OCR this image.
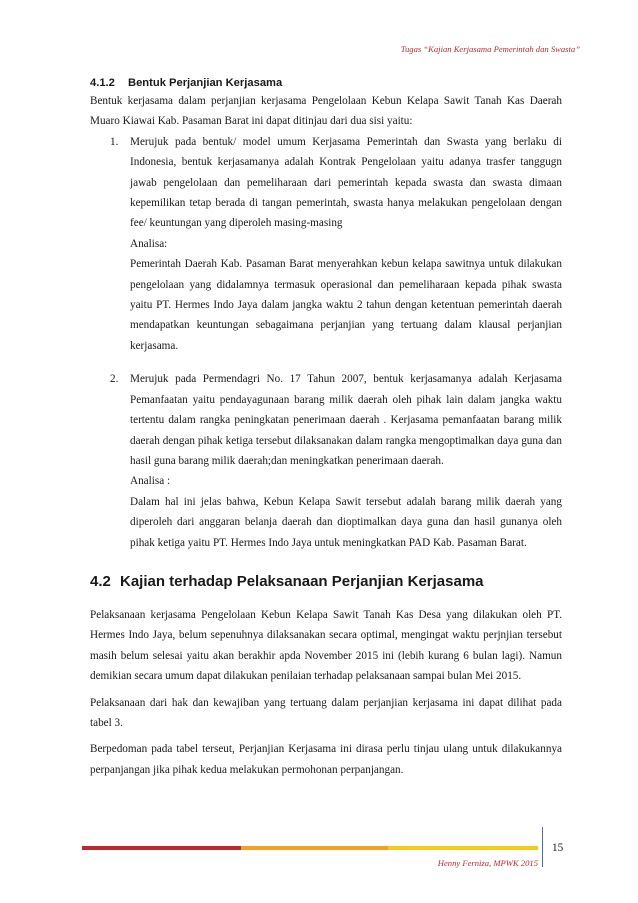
Tugas “Kajian Kerjasama Pemerintah dan Swasta”
4.1.2 Bentuk Perjanjian Kerjasama

Bentuk kerjasama dalam perjanjian kerjasama Pengelolaan Kebun Kelapa Sawit Tanah Kas Daerah Muaro Kiawai Kab. Pasaman Barat ini dapat ditinjau dari dua sisi yaitu:

1. Merujuk pada bentuk/ model umum Kerjasama Pemerintah dan Swasta yang berlaku di Indonesia, bentuk kerjasamanya adalah Kontrak Pengelolaan yaitu adanya trasfer tanggugn jawab pengelolaan dan pemeliharaan dari pemerintah kepada swasta dan swasta dimaan kepemilikan tetap berada di tangan pemerintah, swasta hanya melakukan pengelolaan dengan fee/ keuntungan yang diperoleh masing-masing

Analisa:

Pemerintah Daerah Kab. Pasaman Barat menyerahkan kebun kelapa sawitnya untuk dilakukan pengelolaan yang didalamnya termasuk operasional dan pemeliharaan kepada pihak swasta yaitu PT. Hermes Indo Jaya dalam jangka waktu 2 tahun dengan ketentuan pemerintah daerah mendapatkan keuntungan sebagaimana perjanjian yang tertuang dalam klausal perjanjian kerjasama.

2. Merujuk pada Permendagri No. 17 Tahun 2007, bentuk kerjasamanya adalah Kerjasama Pemanfaatan yaitu pendayagunaan barang milik daerah oleh pihak lain dalam jangka waktu tertentu dalam rangka peningkatan penerimaan daerah . Kerjasama pemanfaatan barang milik daerah dengan pihak ketiga tersebut dilaksanakan dalam rangka mengoptimalkan daya guna dan hasil guna barang milik daerah;dan meningkatkan penerimaan daerah.

Analisa :

Dalam hal ini jelas bahwa, Kebun Kelapa Sawit tersebut adalah barang milik daerah yang diperoleh dari anggaran belanja daerah dan dioptimalkan daya guna dan hasil gunanya oleh pihak ketiga yaitu PT. Hermes Indo Jaya untuk meningkatkan PAD Kab. Pasaman Barat.

4.2 Kajian terhadap Pelaksanaan Perjanjian Kerjasama

Pelaksanaan kerjasama Pengelolaan Kebun Kelapa Sawit Tanah Kas Desa yang dilakukan oleh PT. Hermes Indo Jaya, belum sepenuhnya dilaksanakan secara optimal, mengingat waktu perjnjian tersebut masih belum selesai yaitu akan berakhir apda November 2015 ini (lebih kurang 6 bulan lagi). Namun demikian secara umum dapat dilakukan penilaian terhadap pelaksanaan sampai bulan Mei 2015.

Pelaksanaan dari hak dan kewajiban yang tertuang dalam perjanjian kerjasama ini dapat dilihat pada tabel 3.

Berpedoman pada tabel terseut, Perjanjian Kerjasama ini dirasa perlu tinjau ulang untuk dilakukannya perpanjangan jika pihak kedua melakukan permohonan perpanjangan.

15
Henny Ferniza, MPWK 2015
